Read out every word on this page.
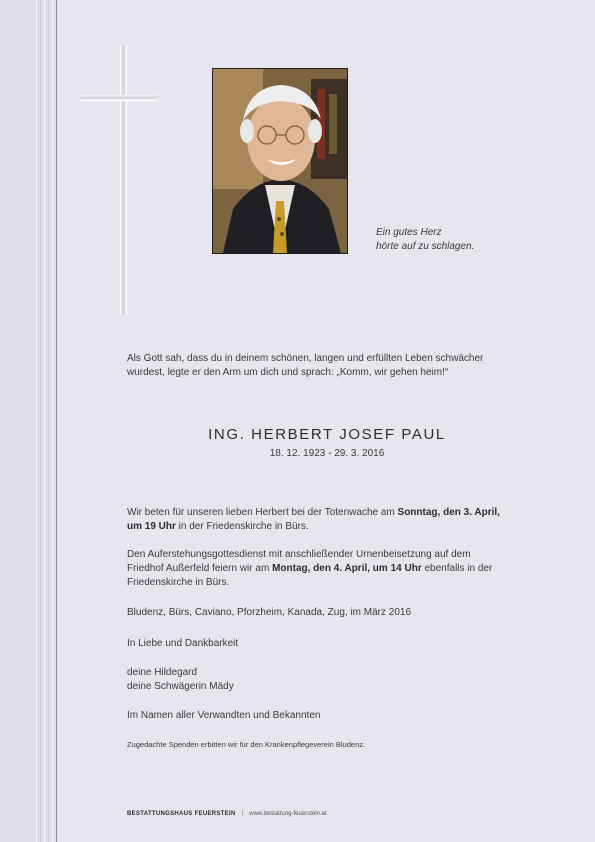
Ein gutes Herz
hörte auf zu schlagen.
Als Gott sah, dass du in deinem schönen, langen und erfüllten Leben schwächer
wurdest, legte er den Arm um dich und sprach: „Komm, wir gehen heim!“
ING. HERBERT JOSEF PAUL
18. 12. 1923 - 29. 3. 2016
Wir beten für unseren lieben Herbert bei der Totenwache am Sonntag, den 3. April,
um 19 Uhr in der Friedenskirche in Bürs.
Den Auferstehungsgottesdienst mit anschließender Urnenbeisetzung auf dem
Friedhof Außerfeld feiern wir am Montag, den 4. April, um 14 Uhr ebenfalls in der
Friedenskirche in Bürs.
Bludenz, Bürs, Caviano, Pforzheim, Kanada, Zug, im März 2016
In Liebe und Dankbarkeit
deine Hildegard
deine Schwägerin Mädy
Im Namen aller Verwandten und Bekannten
Zugedachte Spenden erbitten wir für den Krankenpflegeverein Bludenz.
BESTATTUNGSHAUS FEUERSTEIN | www.bestattung-feuerstein.at
